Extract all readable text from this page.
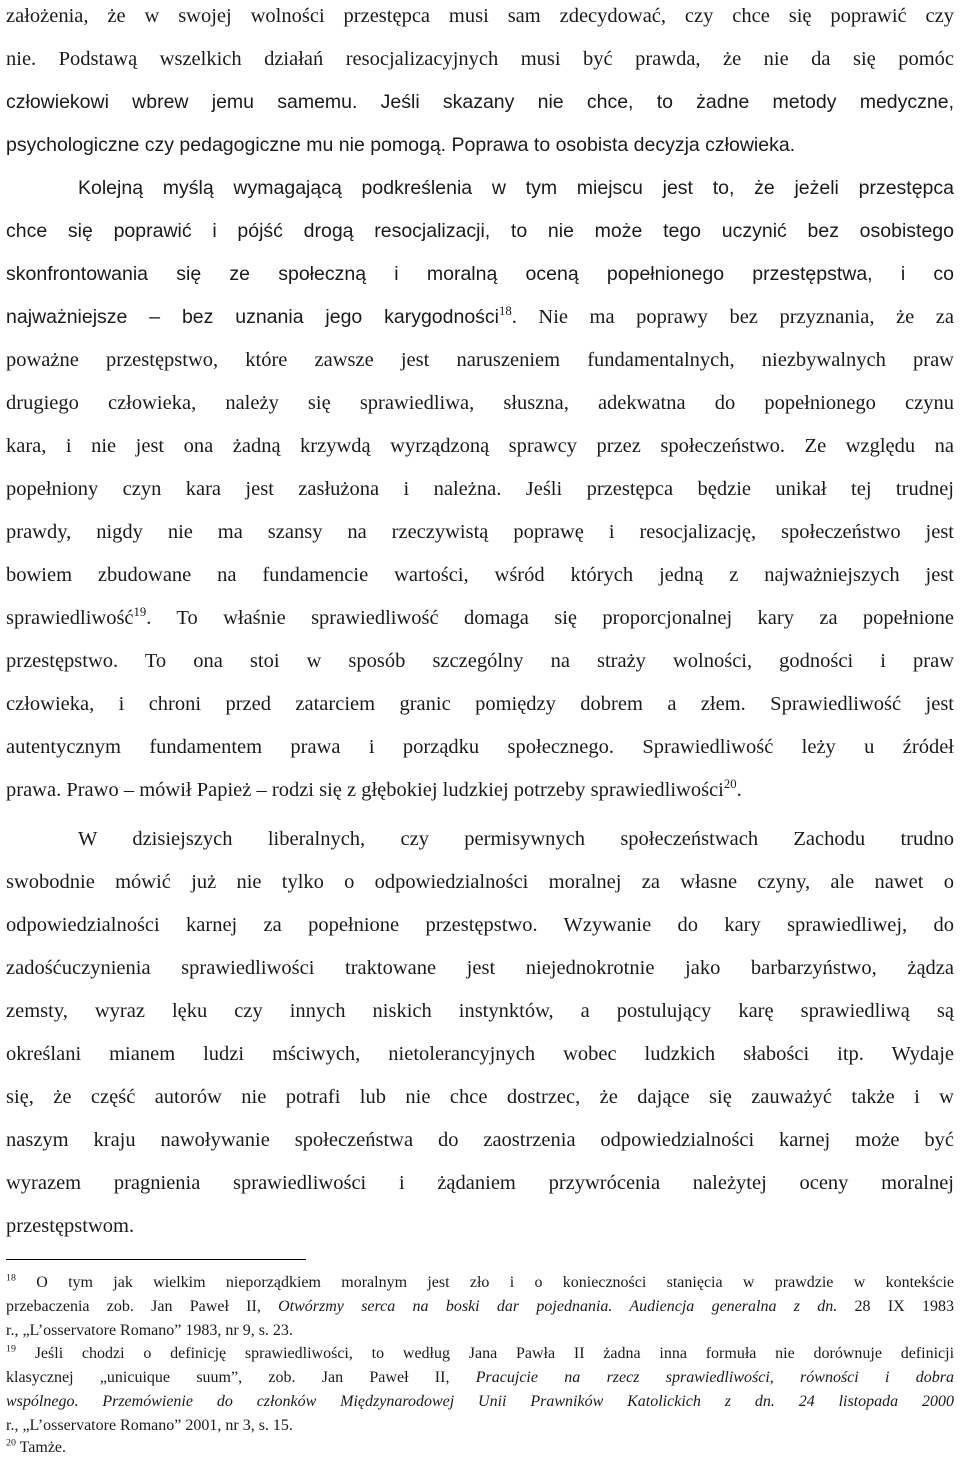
założenia, że w swojej wolności przestępca musi sam zdecydować, czy chce się poprawić czy
nie. Podstawą wszelkich działań resocjalizacyjnych musi być prawda, że nie da się pomóc
człowiekowi wbrew jemu samemu. Jeśli skazany nie chce, to żadne metody medyczne,
psychologiczne czy pedagogiczne mu nie pomogą. Poprawa to osobista decyzja człowieka.
Kolejną myślą wymagającą podkreślenia w tym miejscu jest to, że jeżeli przestępca
chce się poprawić i pójść drogą resocjalizacji, to nie może tego uczynić bez osobistego
skonfrontowania się ze społeczną i moralną oceną popełnionego przestępstwa, i co
najważniejsze – bez uznania jego karygodności$^{18}$. Nie ma poprawy bez przyznania, że za
poważne przestępstwo, które zawsze jest naruszeniem fundamentalnych, niezbywalnych praw
drugiego człowieka, należy się sprawiedliwa, słuszna, adekwatna do popełnionego czynu
kara, i nie jest ona żadną krzywdą wyrządzoną sprawcy przez społeczeństwo. Ze względu na
popełniony czyn kara jest zasłużona i należna. Jeśli przestępca będzie unikał tej trudnej
prawdy, nigdy nie ma szansy na rzeczywistą poprawę i resocjalizację, społeczeństwo jest
bowiem zbudowane na fundamencie wartości, wśród których jedną z najważniejszych jest
sprawiedliwość$^{19}$. To właśnie sprawiedliwość domaga się proporcjonalnej kary za popełnione
przestępstwo. To ona stoi w sposób szczególny na straży wolności, godności i praw
człowieka, i chroni przed zatarciem granic pomiędzy dobrem a złem. Sprawiedliwość jest
autentycznym fundamentem prawa i porządku społecznego. Sprawiedliwość leży u źródeł
prawa. Prawo – mówił Papież – rodzi się z głębokiej ludzkiej potrzeby sprawiedliwości$^{20}$.
W dzisiejszych liberalnych, czy permisywnych społeczeństwach Zachodu trudno
swobodnie mówić już nie tylko o odpowiedzialności moralnej za własne czyny, ale nawet o
odpowiedzialności karnej za popełnione przestępstwo. Wzywanie do kary sprawiedliwej, do
zadośćuczynienia sprawiedliwości traktowane jest niejednokrotnie jako barbarzyństwo, żądza
zemsty, wyraz lęku czy innych niskich instynktów, a postulujący karę sprawiedliwą są
określani mianem ludzi mściwych, nietolerancyjnych wobec ludzkich słabości itp. Wydaje
się, że część autorów nie potrafi lub nie chce dostrzec, że dające się zauważyć także i w
naszym kraju nawoływanie społeczeństwa do zaostrzenia odpowiedzialności karnej może być
wyrazem pragnienia sprawiedliwości i żądaniem przywrócenia należytej oceny moralnej
przestępstwom.
$^{18}$ O tym jak wielkim nieporządkiem moralnym jest zło i o konieczności stanięcia w prawdzie w kontekście
przebaczenia zob. Jan Paweł II, Otwórzmy serca na boski dar pojednania. Audiencja generalna z dn. 28 IX 1983
r., „L’osservatore Romano” 1983, nr 9, s. 23.
$^{19}$ Jeśli chodzi o definicję sprawiedliwości, to według Jana Pawła II żadna inna formuła nie dorównuje definicji
klasycznej „unicuique suum”, zob. Jan Paweł II, Pracujcie na rzecz sprawiedliwości, równości i dobra
wspólnego. Przemówienie do członków Międzynarodowej Unii Prawników Katolickich z dn. 24 listopada 2000
r., „L’osservatore Romano” 2001, nr 3, s. 15.
$^{20}$ Tamże.
